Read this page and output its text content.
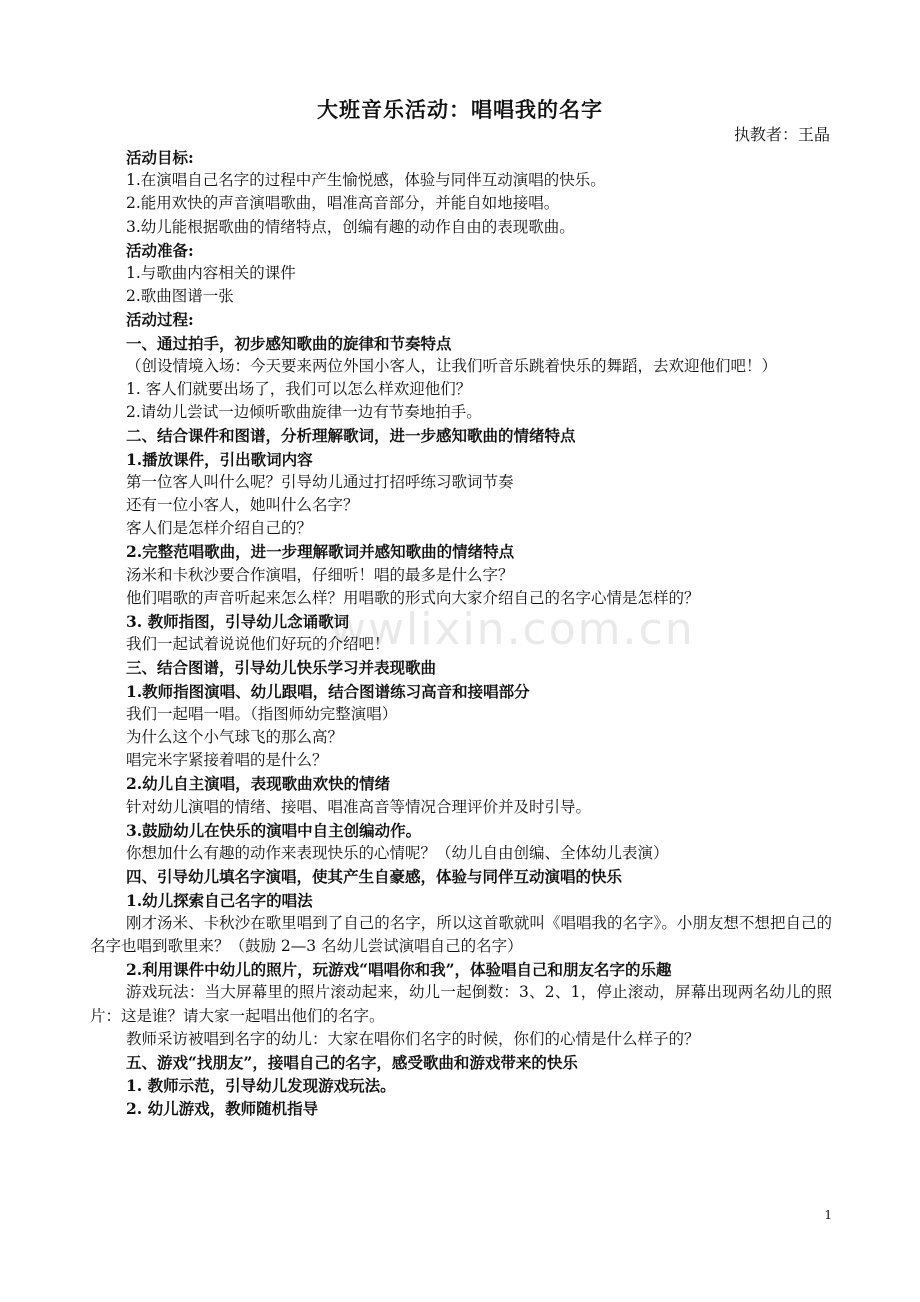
wwlixin.com.cn
大班音乐活动：唱唱我的名字
执教者：王晶
活动目标:
1.在演唱自己名字的过程中产生愉悦感，体验与同伴互动演唱的快乐。
2.能用欢快的声音演唱歌曲，唱准高音部分，并能自如地接唱。
3.幼儿能根据歌曲的情绪特点，创编有趣的动作自由的表现歌曲。
活动准备:
1.与歌曲内容相关的课件
2.歌曲图谱一张
活动过程:
一、通过拍手，初步感知歌曲的旋律和节奏特点
（创设情境入场：今天要来两位外国小客人，让我们听音乐跳着快乐的舞蹈，去欢迎他们吧！）
1. 客人们就要出场了，我们可以怎么样欢迎他们？
2.请幼儿尝试一边倾听歌曲旋律一边有节奏地拍手。
二、结合课件和图谱，分析理解歌词，进一步感知歌曲的情绪特点
1.播放课件，引出歌词内容
第一位客人叫什么呢？引导幼儿通过打招呼练习歌词节奏
还有一位小客人，她叫什么名字？
客人们是怎样介绍自己的？
2.完整范唱歌曲，进一步理解歌词并感知歌曲的情绪特点
汤米和卡秋沙要合作演唱，仔细听！唱的最多是什么字？
他们唱歌的声音听起来怎么样？用唱歌的形式向大家介绍自己的名字心情是怎样的？
3. 教师指图，引导幼儿念诵歌词
我们一起试着说说他们好玩的介绍吧！
三、结合图谱，引导幼儿快乐学习并表现歌曲
1.教师指图演唱、幼儿跟唱，结合图谱练习高音和接唱部分
我们一起唱一唱。（指图师幼完整演唱）
为什么这个小气球飞的那么高？
唱完米字紧接着唱的是什么？
2.幼儿自主演唱，表现歌曲欢快的情绪
针对幼儿演唱的情绪、接唱、唱准高音等情况合理评价并及时引导。
3.鼓励幼儿在快乐的演唱中自主创编动作。
你想加什么有趣的动作来表现快乐的心情呢？（幼儿自由创编、全体幼儿表演）
四、引导幼儿填名字演唱，使其产生自豪感，体验与同伴互动演唱的快乐
1.幼儿探索自己名字的唱法
刚才汤米、卡秋沙在歌里唱到了自己的名字，所以这首歌就叫《唱唱我的名字》。小朋友想不想把自己的名字也唱到歌里来？（鼓励 2—3 名幼儿尝试演唱自己的名字）
2.利用课件中幼儿的照片，玩游戏“唱唱你和我”，体验唱自己和朋友名字的乐趣
游戏玩法：当大屏幕里的照片滚动起来，幼儿一起倒数：3、2、1，停止滚动，屏幕出现两名幼儿的照片：这是谁？请大家一起唱出他们的名字。
教师采访被唱到名字的幼儿：大家在唱你们名字的时候，你们的心情是什么样子的？
五、游戏“找朋友”，接唱自己的名字，感受歌曲和游戏带来的快乐
1. 教师示范，引导幼儿发现游戏玩法。
2. 幼儿游戏，教师随机指导
1
